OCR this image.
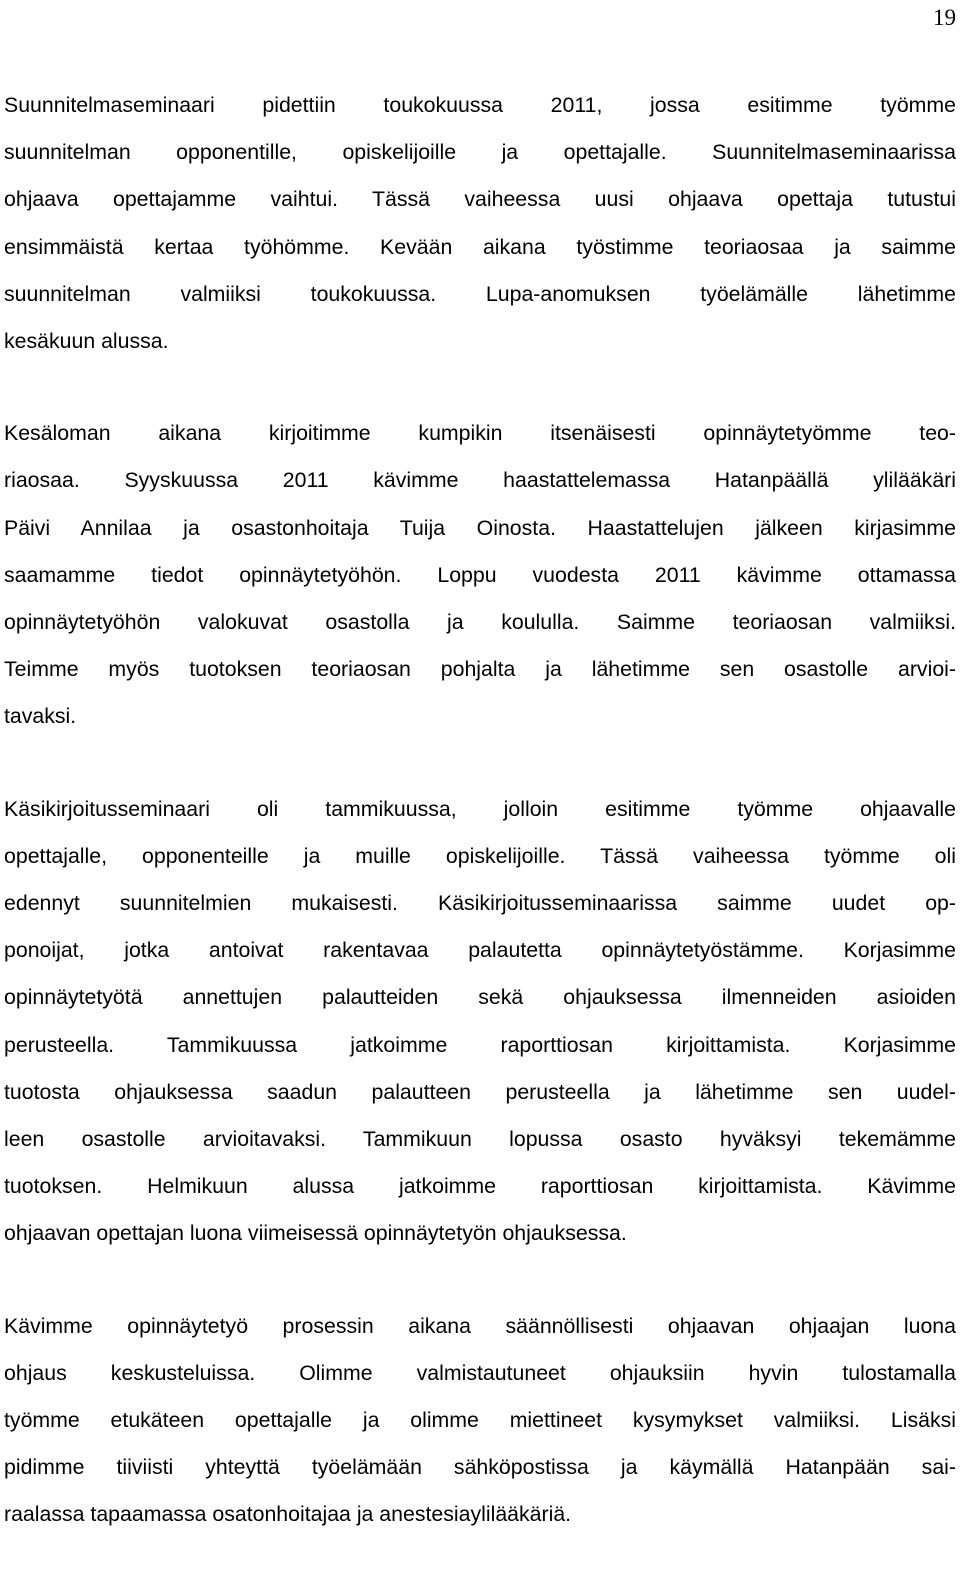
19

Suunnitelmaseminaari pidettiin toukokuussa 2011, jossa esitimme työmme
suunnitelman opponentille, opiskelijoille ja opettajalle. Suunnitelmaseminaarissa
ohjaava opettajamme vaihtui. Tässä vaiheessa uusi ohjaava opettaja tutustui
ensimmäistä kertaa työhömme. Kevään aikana työstimme teoriaosaa ja saimme
suunnitelman valmiiksi toukokuussa. Lupa-anomuksen työelämälle lähetimme
kesäkuun alussa.

Kesäloman aikana kirjoitimme kumpikin itsenäisesti opinnäytetyömme teo-
riaosaa. Syyskuussa 2011 kävimme haastattelemassa Hatanpäällä ylilääkäri
Päivi Annilaa ja osastonhoitaja Tuija Oinosta. Haastattelujen jälkeen kirjasimme
saamamme tiedot opinnäytetyöhön. Loppu vuodesta 2011 kävimme ottamassa
opinnäytetyöhön valokuvat osastolla ja koululla. Saimme teoriaosan valmiiksi.
Teimme myös tuotoksen teoriaosan pohjalta ja lähetimme sen osastolle arvioi-
tavaksi.

Käsikirjoitusseminaari oli tammikuussa, jolloin esitimme työmme ohjaavalle
opettajalle, opponenteille ja muille opiskelijoille. Tässä vaiheessa työmme oli
edennyt suunnitelmien mukaisesti. Käsikirjoitusseminaarissa saimme uudet op-
ponoijat, jotka antoivat rakentavaa palautetta opinnäytetyöstämme. Korjasimme
opinnäytetyötä annettujen palautteiden sekä ohjauksessa ilmenneiden asioiden
perusteella. Tammikuussa jatkoimme raporttiosan kirjoittamista. Korjasimme
tuotosta ohjauksessa saadun palautteen perusteella ja lähetimme sen uudel-
leen osastolle arvioitavaksi. Tammikuun lopussa osasto hyväksyi tekemämme
tuotoksen. Helmikuun alussa jatkoimme raporttiosan kirjoittamista. Kävimme
ohjaavan opettajan luona viimeisessä opinnäytetyön ohjauksessa.

Kävimme opinnäytetyö prosessin aikana säännöllisesti ohjaavan ohjaajan luona
ohjaus keskusteluissa. Olimme valmistautuneet ohjauksiin hyvin tulostamalla
työmme etukäteen opettajalle ja olimme miettineet kysymykset valmiiksi. Lisäksi
pidimme tiiviisti yhteyttä työelämään sähköpostissa ja käymällä Hatanpään sai-
raalassa tapaamassa osatonhoitajaa ja anestesiaylilääkäriä.
